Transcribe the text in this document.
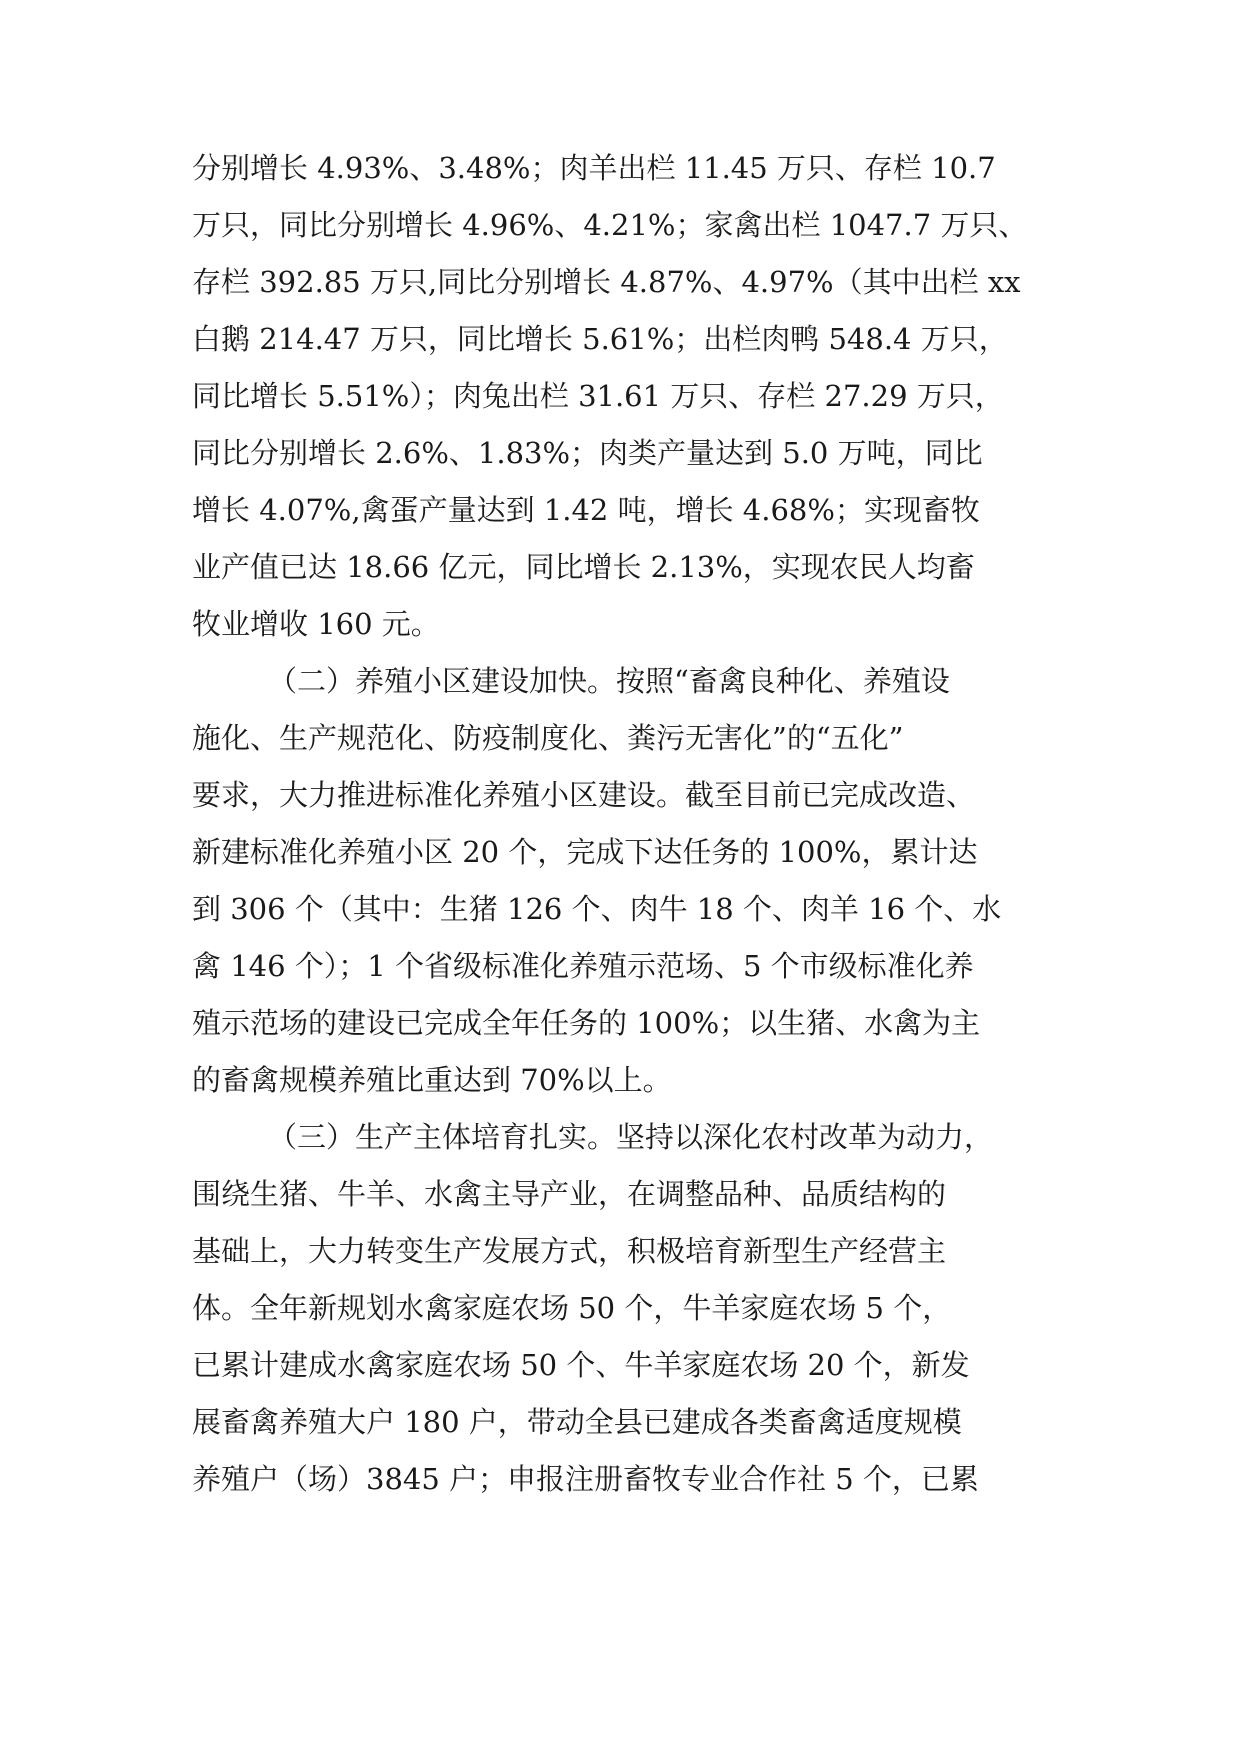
分别增长 4.93%、3.48%；肉羊出栏 11.45 万只、存栏 10.7
万只，同比分别增长 4.96%、4.21%；家禽出栏 1047.7 万只、
存栏 392.85 万只,同比分别增长 4.87%、4.97%（其中出栏 xx
白鹅 214.47 万只，同比增长 5.61%；出栏肉鸭 548.4 万只，
同比增长 5.51%）；肉兔出栏 31.61 万只、存栏 27.29 万只，
同比分别增长 2.6%、1.83%；肉类产量达到 5.0 万吨，同比
增长 4.07%,禽蛋产量达到 1.42 吨，增长 4.68%；实现畜牧
业产值已达 18.66 亿元，同比增长 2.13%，实现农民人均畜
牧业增收 160 元。
（二）养殖小区建设加快。按照“畜禽良种化、养殖设
施化、生产规范化、防疫制度化、粪污无害化”的“五化”
要求，大力推进标准化养殖小区建设。截至目前已完成改造、
新建标准化养殖小区 20 个，完成下达任务的 100%，累计达
到 306 个（其中：生猪 126 个、肉牛 18 个、肉羊 16 个、水
禽 146 个）；1 个省级标准化养殖示范场、5 个市级标准化养
殖示范场的建设已完成全年任务的 100%；以生猪、水禽为主
的畜禽规模养殖比重达到 70%以上。
（三）生产主体培育扎实。坚持以深化农村改革为动力，
围绕生猪、牛羊、水禽主导产业，在调整品种、品质结构的
基础上，大力转变生产发展方式，积极培育新型生产经营主
体。全年新规划水禽家庭农场 50 个，牛羊家庭农场 5 个，
已累计建成水禽家庭农场 50 个、牛羊家庭农场 20 个，新发
展畜禽养殖大户 180 户，带动全县已建成各类畜禽适度规模
养殖户（场）3845 户；申报注册畜牧专业合作社 5 个，已累
